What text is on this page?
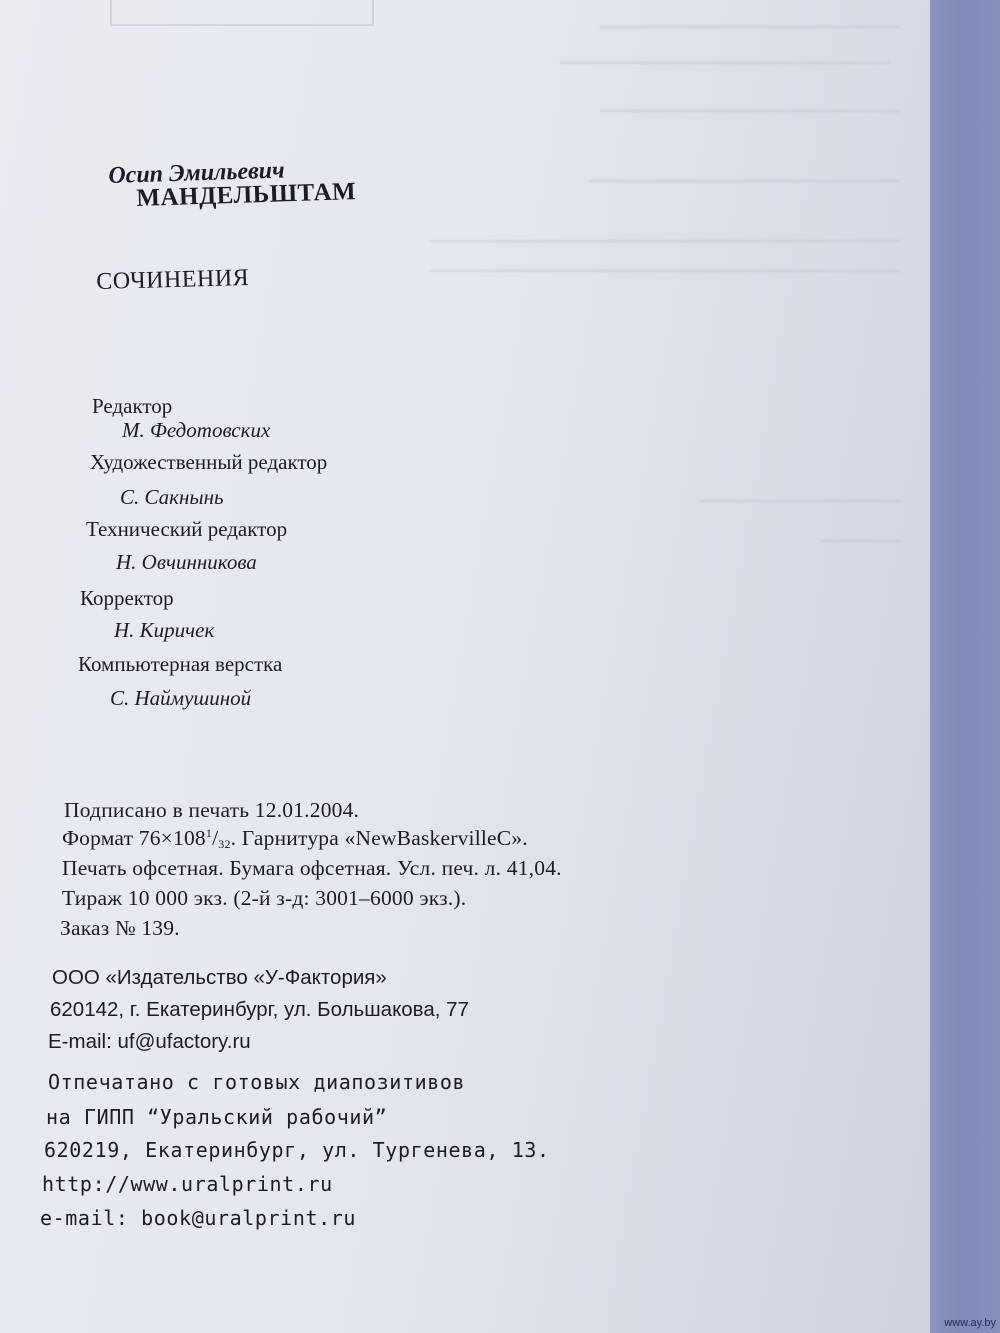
Осип Эмильевич
МАНДЕЛЬШТАМ
СОЧИНЕНИЯ
Редактор
М. Федотовских
Художественный редактор
С. Сакнынь
Технический редактор
Н. Овчинникова
Корректор
Н. Киричек
Компьютерная верстка
С. Наймушиной
Подписано в печать 12.01.2004.
Формат $76\times 108^1/32$. Гарнитура «NewBaskervilleC».
Печать офсетная. Бумага офсетная. Усл. печ. л. 41,04.
Тираж 10 000 экз. (2-й з-д: 3001–6000 экз.).
Заказ № 139.
ООО «Издательство «У-Фактория»
620142, г. Екатеринбург, ул. Большакова, 77
E-mail: uf@ufactory.ru
Отпечатано с готовых диапозитивов
на ГИПП “Уральский рабочий”
620219, Екатеринбург, ул. Тургенева, 13.
http://www.uralprint.ru
e-mail: book@uralprint.ru
www.ay.by
